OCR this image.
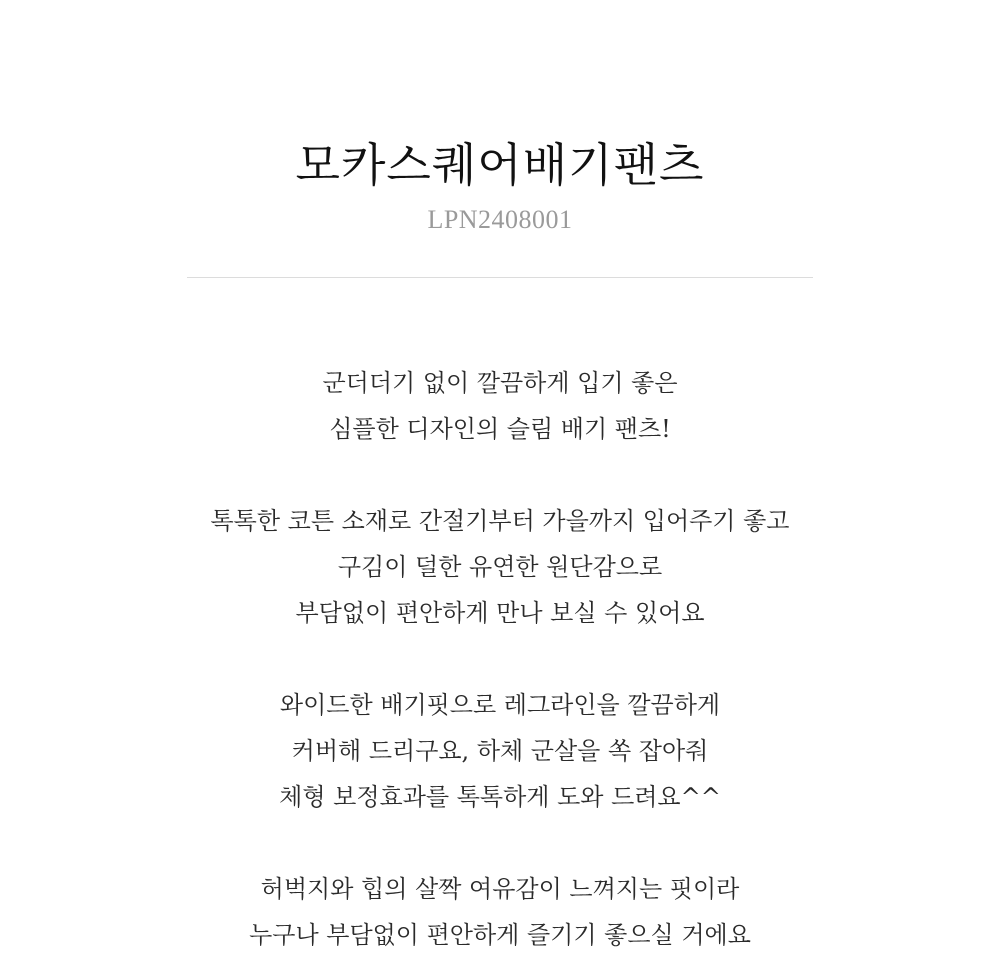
모카스퀘어배기팬츠
LPN2408001
군더더기 없이 깔끔하게 입기 좋은
심플한 디자인의 슬림 배기 팬츠!
톡톡한 코튼 소재로 간절기부터 가을까지 입어주기 좋고
구김이 덜한 유연한 원단감으로
부담없이 편안하게 만나 보실 수 있어요
와이드한 배기핏으로 레그라인을 깔끔하게
커버해 드리구요, 하체 군살을 쏙 잡아줘
체형 보정효과를 톡톡하게 도와 드려요^^
허벅지와 힙의 살짝 여유감이 느껴지는 핏이라
누구나 부담없이 편안하게 즐기기 좋으실 거에요
